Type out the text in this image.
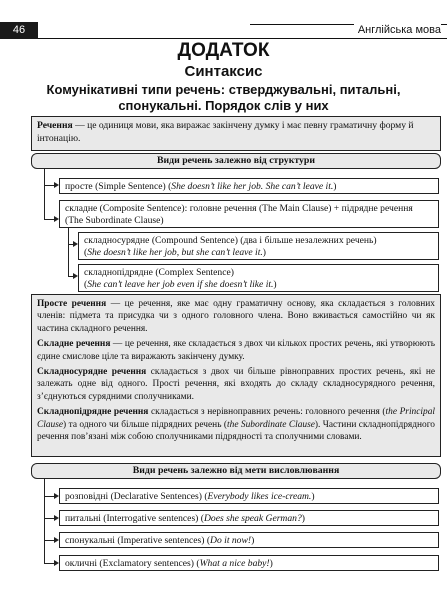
46	Англійська мова
ДОДАТОК
Синтаксис
Комунікативні типи речень: стверджувальні, питальні, спонукальні. Порядок слів у них
Речення — це одиниця мови, яка виражає закінчену думку і має певну граматичну форму й інтонацію.
Види речень залежно від структури
просте (Simple Sentence) (She doesn’t like her job. She can’t leave it.)
складне (Composite Sentence): головне речення (The Main Clause) + підрядне речення (The Subordinate Clause)
складносурядне (Compound Sentence) (два і більше незалежних речень)
(She doesn’t like her job, but she can’t leave it.)
складнопідрядне (Complex Sentence)
(She can’t leave her job even if she doesn’t like it.)

Просте речення — це речення, яке має одну граматичну основу, яка складається з головних членів: підмета та присудка чи з одного головного члена. Воно вживається самостійно чи як частина складного речення.

Складне речення — це речення, яке складається з двох чи кількох простих речень, які утворюють єдине смислове ціле та виражають закінчену думку.

Складносурядне речення складається з двох чи більше рівноправних простих речень, які не залежать одне від одного. Прості речення, які входять до складу складносурядного речення, з’єднуються сурядними сполучниками.

Складнопідрядне речення складається з нерівноправних речень: головного речення (the Principal Clause) та одного чи більше підрядних речень (the Subordinate Clause). Частини складнопідрядного речення пов’язані між собою сполучниками підрядності та сполучними словами.

Види речень залежно від мети висловлювання
розповідні (Declarative Sentences) (Everybody likes ice-cream.)
питальні (Interrogative sentences) (Does she speak German?)
спонукальні (Imperative sentences) (Do it now!)
окличні (Exclamatory sentences) (What a nice baby!)
